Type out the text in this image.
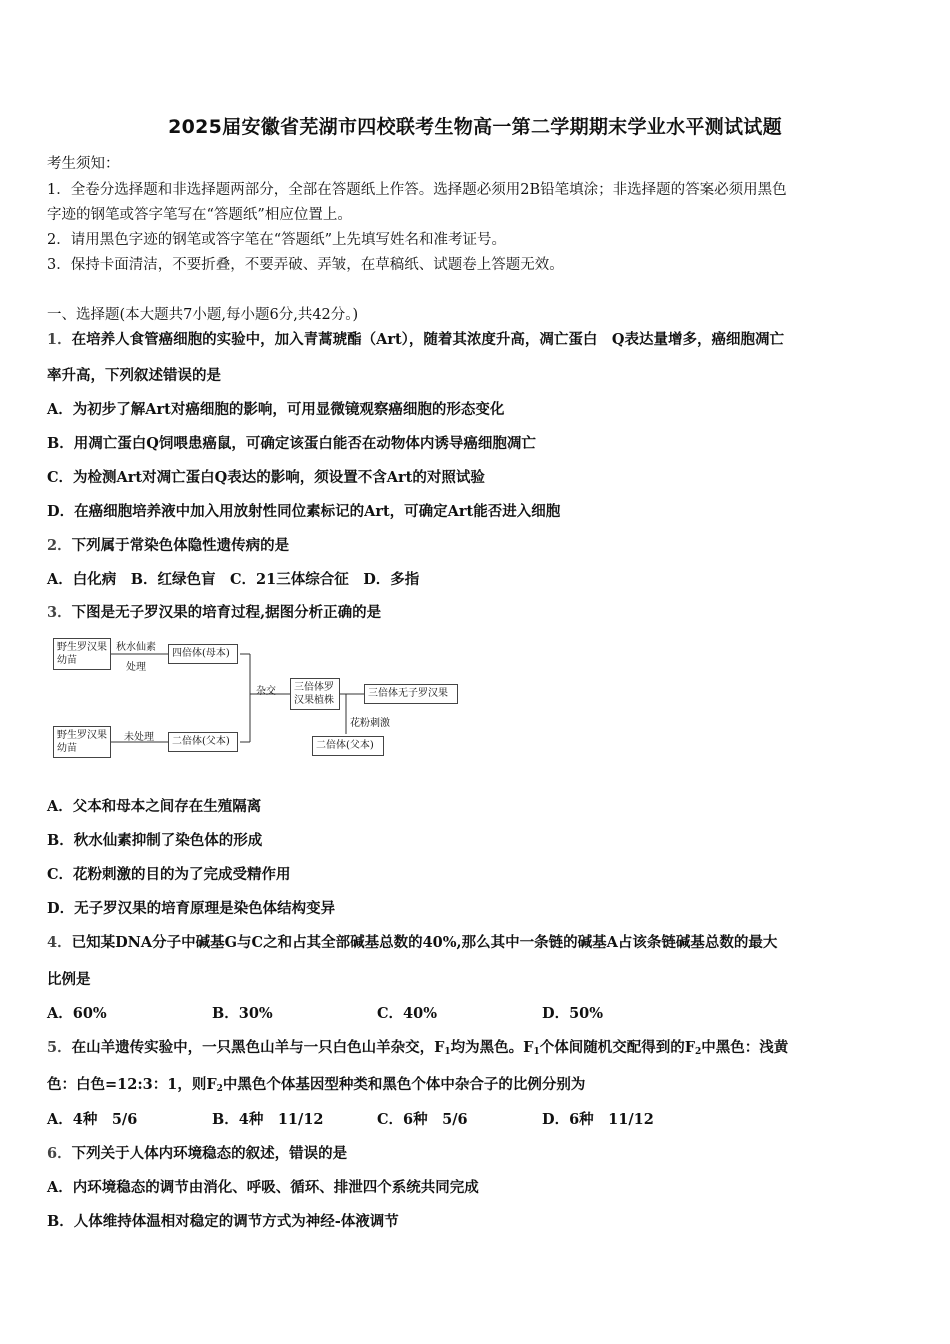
2025届安徽省芜湖市四校联考生物高一第二学期期末学业水平测试试题
考生须知：
1．全卷分选择题和非选择题两部分，全部在答题纸上作答。选择题必须用2B铅笔填涂；非选择题的答案必须用黑色
字迹的钢笔或答字笔写在“答题纸”相应位置上。
2．请用黑色字迹的钢笔或答字笔在“答题纸”上先填写姓名和准考证号。
3．保持卡面清洁，不要折叠，不要弄破、弄皱，在草稿纸、试题卷上答题无效。
一、选择题(本大题共7小题,每小题6分,共42分。)
1．在培养人食管癌细胞的实验中，加入青蒿琥酯（Art），随着其浓度升高，凋亡蛋白　Q表达量增多，癌细胞凋亡
率升高，下列叙述错误的是
A．为初步了解Art对癌细胞的影响，可用显微镜观察癌细胞的形态变化
B．用凋亡蛋白Q饲喂患癌鼠，可确定该蛋白能否在动物体内诱导癌细胞凋亡
C．为检测Art对凋亡蛋白Q表达的影响，须设置不含Art的对照试验
D．在癌细胞培养液中加入用放射性同位素标记的Art，可确定Art能否进入细胞
2．下列属于常染色体隐性遗传病的是
A．白化病　B．红绿色盲　C．21三体综合征　D．多指
3．下图是无子罗汉果的培育过程,据图分析正确的是
野生罗汉果幼苗
秋水仙素
处理
四倍体(母本)
杂交	三倍体罗汉果植株
三倍体无子罗汉果
花粉刺激
野生罗汉果幼苗
未处理	二倍体(父本)	二倍体(父本)
A．父本和母本之间存在生殖隔离
B．秋水仙素抑制了染色体的形成
C．花粉刺激的目的为了完成受精作用
D．无子罗汉果的培育原理是染色体结构变异
4．已知某DNA分子中碱基G与C之和占其全部碱基总数的40%,那么其中一条链的碱基A占该条链碱基总数的最大
比例是
A．60%	B．30%	C．40%	D．50%
5．在山羊遗传实验中，一只黑色山羊与一只白色山羊杂交，$F_1$均为黑色。$F_1$个体间随机交配得到的$F_2$中黑色：浅黄
色：白色=12:3：1，则$F_2$中黑色个体基因型种类和黑色个体中杂合子的比例分别为
A．4种　5/6	B．4种　11/12	C．6种　5/6	D．6种　11/12
6．下列关于人体内环境稳态的叙述，错误的是
A．内环境稳态的调节由消化、呼吸、循环、排泄四个系统共同完成
B．人体维持体温相对稳定的调节方式为神经-体液调节
